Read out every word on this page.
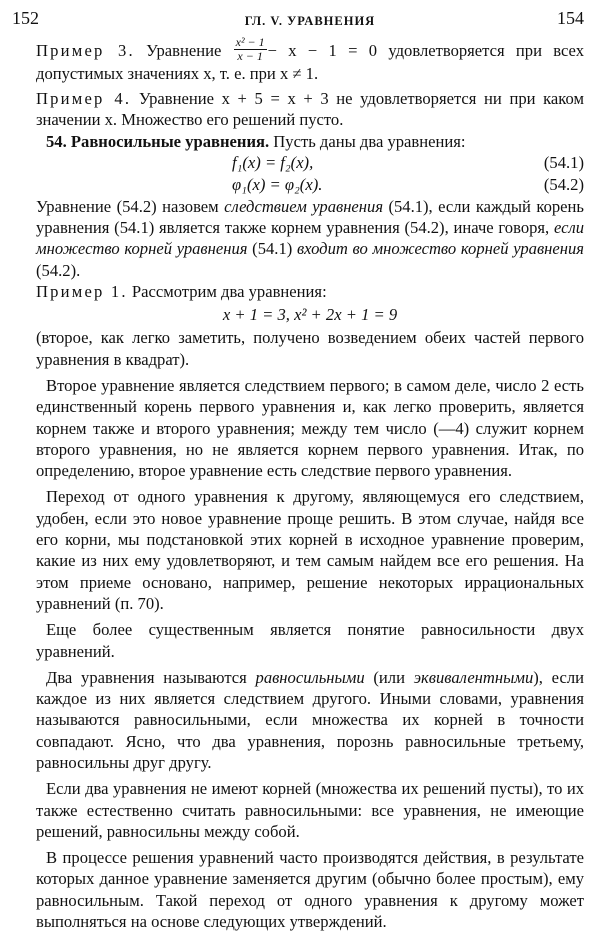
152	ГЛ. V. УРАВНЕНИЯ	154

Пример 3. Уравнение $\frac{\text{x² − 1}}{x - 1} - x - 1 = 0$ удовлетворяется при всех допустимых значениях x, т. е. при x ≠ 1.

Пример 4. Уравнение x + 5 = x + 3 не удовлетворяется ни при каком значении x. Множество его решений пусто.

54. Равносильные уравнения. Пусть даны два уравнения:

f₁(x) = f₂(x),	(54.1)
φ₁(x) = φ₂(x).	(54.2)

Уравнение (54.2) назовем следствием уравнения (54.1), если каждый корень уравнения (54.1) является также корнем уравнения (54.2), иначе говоря, если множество корней уравнения (54.1) входит во множество корней уравнения (54.2).

Пример 1. Рассмотрим два уравнения:

x + 1 = 3, x² + 2x + 1 = 9

(второе, как легко заметить, получено возведением обеих частей первого уравнения в квадрат).

Второе уравнение является следствием первого; в самом деле, число 2 есть единственный корень первого уравнения и, как легко проверить, является корнем также и второго уравнения; между тем число (—4) служит корнем второго уравнения, но не является корнем первого уравнения. Итак, по определению, второе уравнение есть следствие первого уравнения.

Переход от одного уравнения к другому, являющемуся его следствием, удобен, если это новое уравнение проще решить. В этом случае, найдя все его корни, мы подстановкой этих корней в исходное уравнение проверим, какие из них ему удовлетворяют, и тем самым найдем все его решения. На этом приеме основано, например, решение некоторых иррациональных уравнений (п. 70).

Еще более существенным является понятие равносильности двух уравнений.

Два уравнения называются равносильными (или эквивалентными), если каждое из них является следствием другого. Иными словами, уравнения называются равносильными, если множества их корней в точности совпадают. Ясно, что два уравнения, порознь равносильные третьему, равносильны друг другу.

Если два уравнения не имеют корней (множества их решений пусты), то их также естественно считать равносильными: все уравнения, не имеющие решений, равносильны между собой.

В процессе решения уравнений часто производятся действия, в результате которых данное уравнение заменяется другим (обычно более простым), ему равносильным. Такой переход от одного уравнения к другому может выполняться на основе следующих утверждений.
